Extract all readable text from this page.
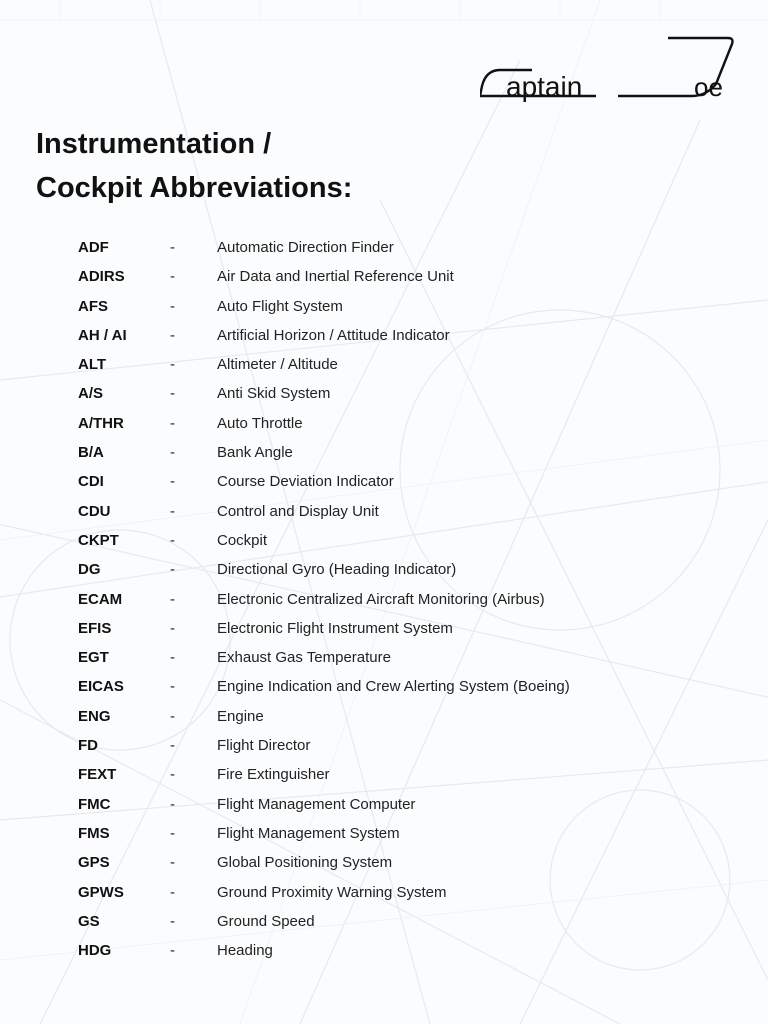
aptain	oe
Instrumentation /
Cockpit Abbreviations:
ADF	-	Automatic Direction Finder
ADIRS	-	Air Data and Inertial Reference Unit
AFS	-	Auto Flight System
AH / AI	-	Artificial Horizon / Attitude Indicator
ALT	-	Altimeter / Altitude
A/S	-	Anti Skid System
A/THR	-	Auto Throttle
B/A	-	Bank Angle
CDI	-	Course Deviation Indicator
CDU	-	Control and Display Unit
CKPT	-	Cockpit
DG	-	Directional Gyro (Heading Indicator)
ECAM	-	Electronic Centralized Aircraft Monitoring (Airbus)
EFIS	-	Electronic Flight Instrument System
EGT	-	Exhaust Gas Temperature
EICAS	-	Engine Indication and Crew Alerting System (Boeing)
ENG	-	Engine
FD	-	Flight Director
FEXT	-	Fire Extinguisher
FMC	-	Flight Management Computer
FMS	-	Flight Management System
GPS	-	Global Positioning System
GPWS	-	Ground Proximity Warning System
GS	-	Ground Speed
HDG	-	Heading
